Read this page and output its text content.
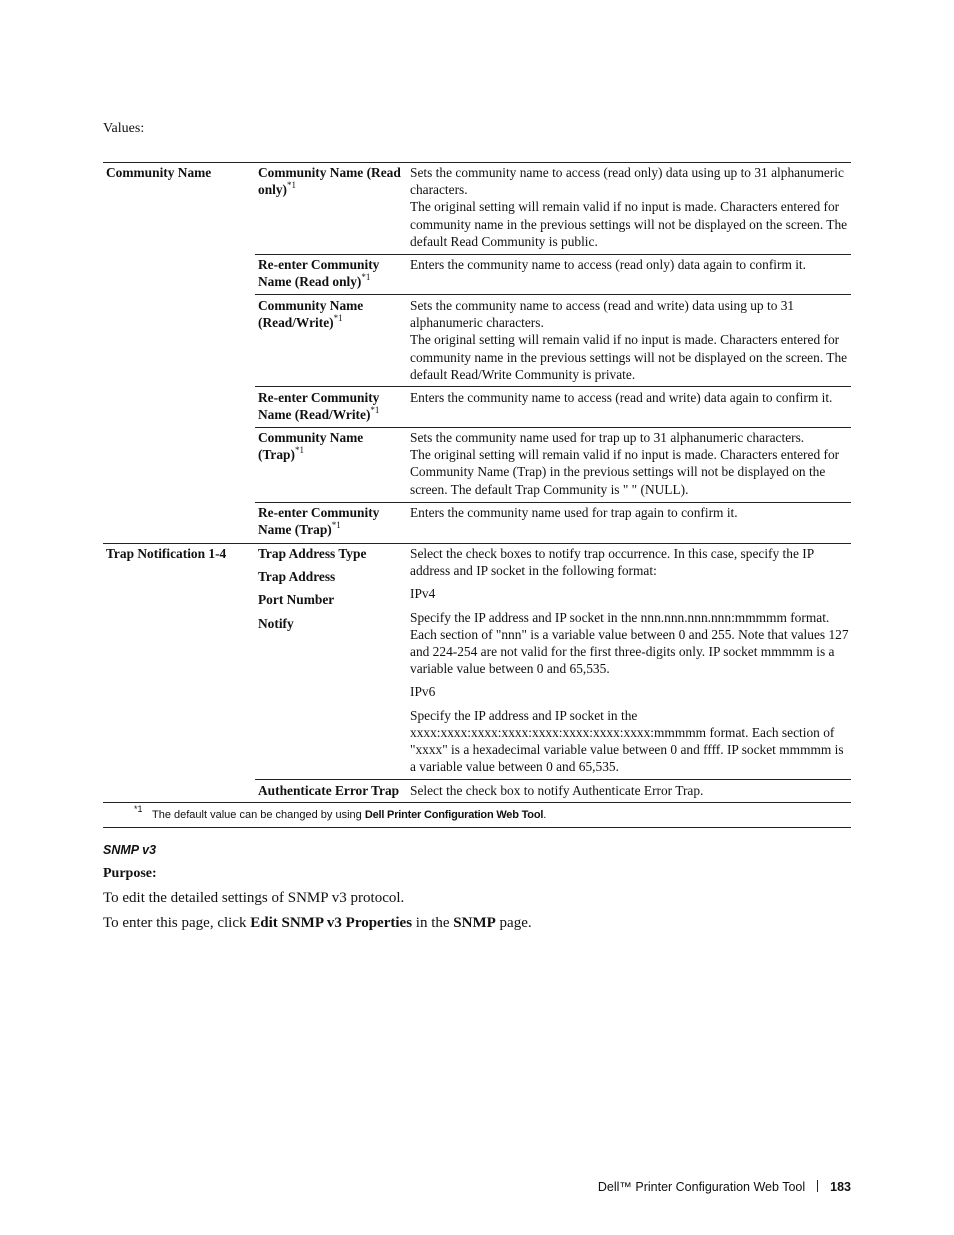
Values:
Community Name	Community Name (Read only)$^{*1}$
Sets the community name to access (read only) data using up to 31 alphanumeric characters.
The original setting will remain valid if no input is made. Characters entered for community name in the previous settings will not be displayed on the screen. The default Read Community is public.
Re-enter Community Name (Read only)$^{*1}$
Enters the community name to access (read only) data again to confirm it.
Community Name (Read/Write)$^{*1}$
Sets the community name to access (read and write) data using up to 31 alphanumeric characters.
The original setting will remain valid if no input is made. Characters entered for community name in the previous settings will not be displayed on the screen. The default Read/Write Community is private.
Re-enter Community Name (Read/Write)$^{*1}$
Enters the community name to access (read and write) data again to confirm it.
Community Name (Trap)$^{*1}$
Sets the community name used for trap up to 31 alphanumeric characters.
The original setting will remain valid if no input is made. Characters entered for Community Name (Trap) in the previous settings will not be displayed on the screen. The default Trap Community is " " (NULL).
Re-enter Community Name (Trap)$^{*1}$
Enters the community name used for trap again to confirm it.
Trap Notification 1-4	Trap Address Type
Trap Address
Port Number
Notify

Select the check boxes to notify trap occurrence. In this case, specify the IP address and IP socket in the following format:

IPv4

Specify the IP address and IP socket in the nnn.nnn.nnn.nnn:mmmmm format. Each section of "nnn" is a variable value between 0 and 255. Note that values 127 and 224-254 are not valid for the first three-digits only. IP socket mmmmm is a variable value between 0 and 65,535.

IPv6

Specify the IP address and IP socket in the xxxx:xxxx:xxxx:xxxx:xxxx:xxxx:xxxx:xxxx:mmmmm format. Each section of "xxxx" is a hexadecimal variable value between 0 and ffff. IP socket mmmmm is a variable value between 0 and 65,535.

Authenticate Error Trap Select the check box to notify Authenticate Error Trap.
*1 The default value can be changed by using Dell Printer Configuration Web Tool.
SNMP v3
Purpose:
To edit the detailed settings of SNMP v3 protocol.
To enter this page, click Edit SNMP v3 Properties in the SNMP page.
Dell™ Printer Configuration Web Tool 183
